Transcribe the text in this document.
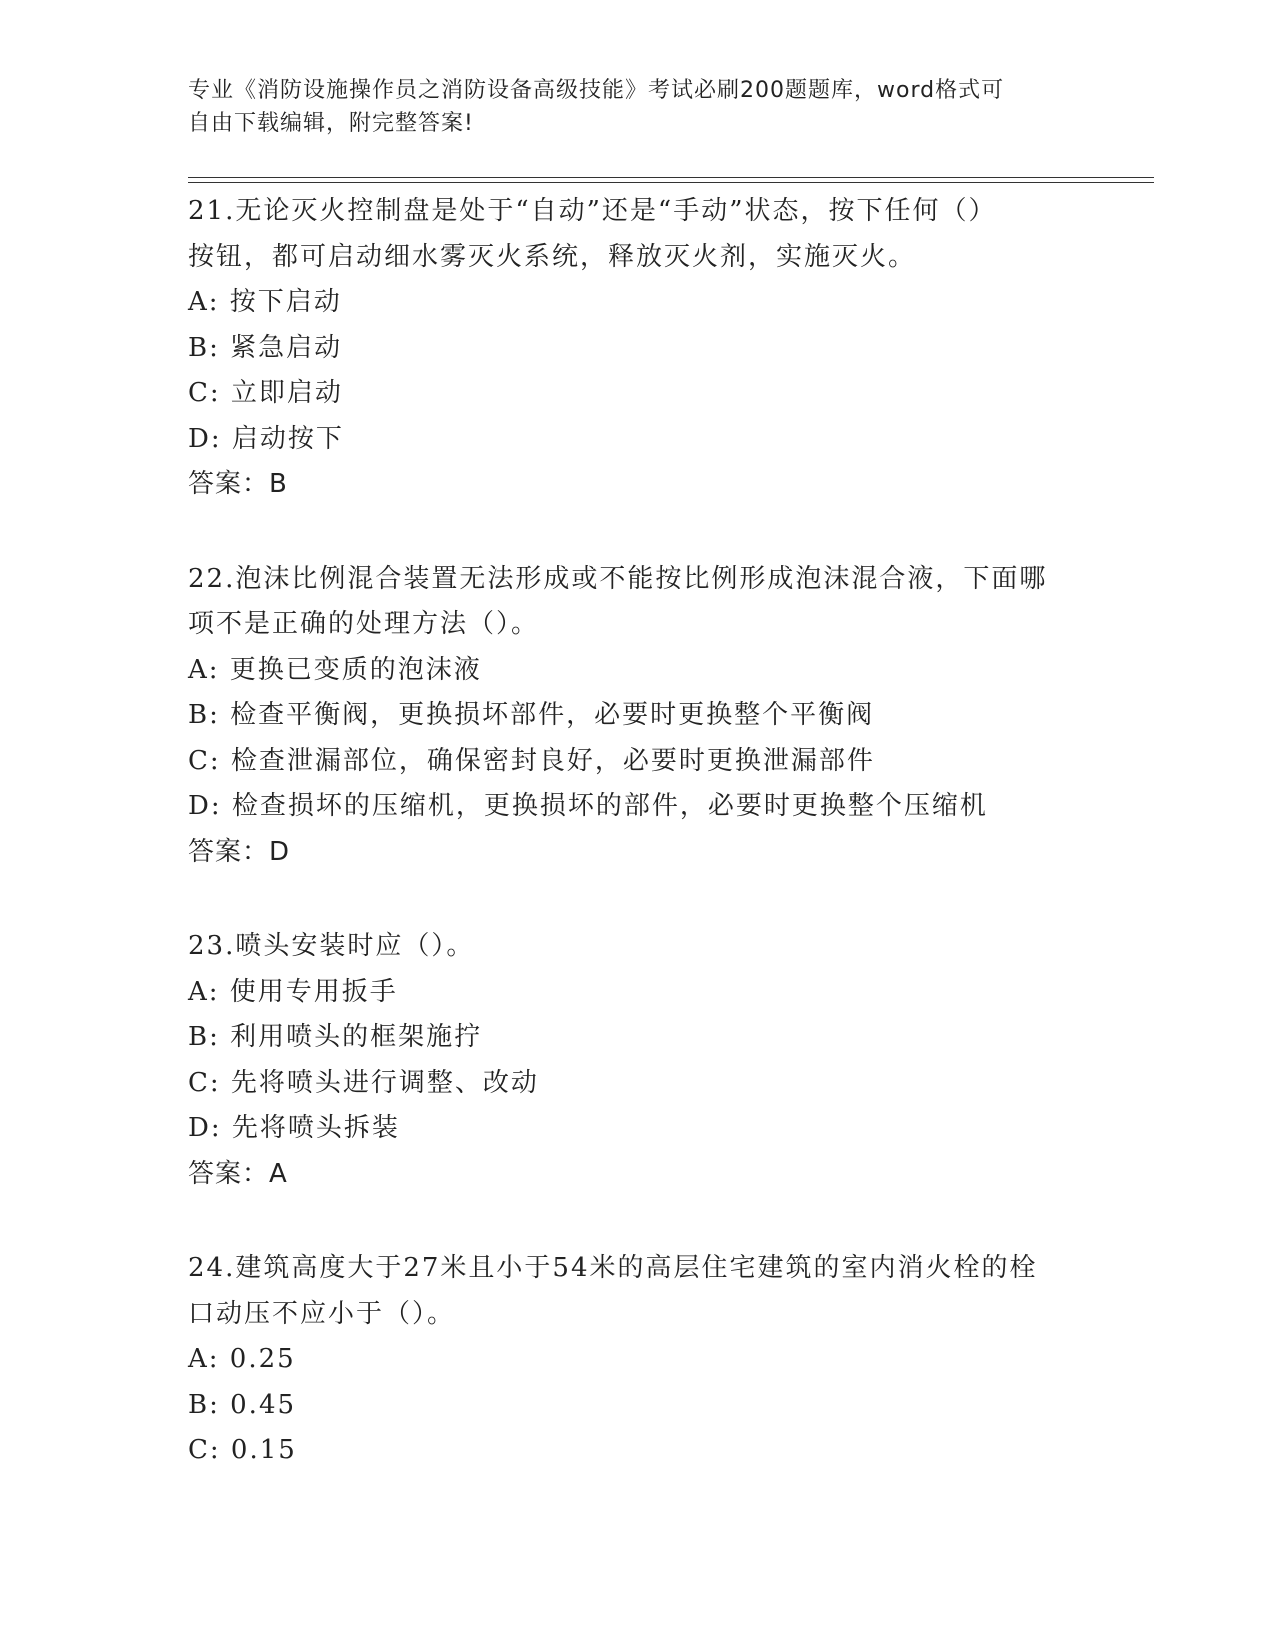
专业《消防设施操作员之消防设备高级技能》考试必刷200题题库，word格式可
自由下载编辑，附完整答案!

21.无论灭火控制盘是处于“自动”还是“手动”状态，按下任何（）

按钮，都可启动细水雾灭火系统，释放灭火剂，实施灭火。

A: 按下启动

B: 紧急启动

C: 立即启动

D: 启动按下

答案：B

22.泡沫比例混合装置无法形成或不能按比例形成泡沫混合液，下面哪

项不是正确的处理方法（）。

A: 更换已变质的泡沫液

B: 检查平衡阀，更换损坏部件，必要时更换整个平衡阀

C: 检查泄漏部位，确保密封良好，必要时更换泄漏部件

D: 检查损坏的压缩机，更换损坏的部件，必要时更换整个压缩机

答案：D

23.喷头安装时应（）。

A: 使用专用扳手

B: 利用喷头的框架施拧

C: 先将喷头进行调整、改动

D: 先将喷头拆装

答案：A

24.建筑高度大于27米且小于54米的高层住宅建筑的室内消火栓的栓

口动压不应小于（）。

A: 0.25

B: 0.45

C: 0.15
